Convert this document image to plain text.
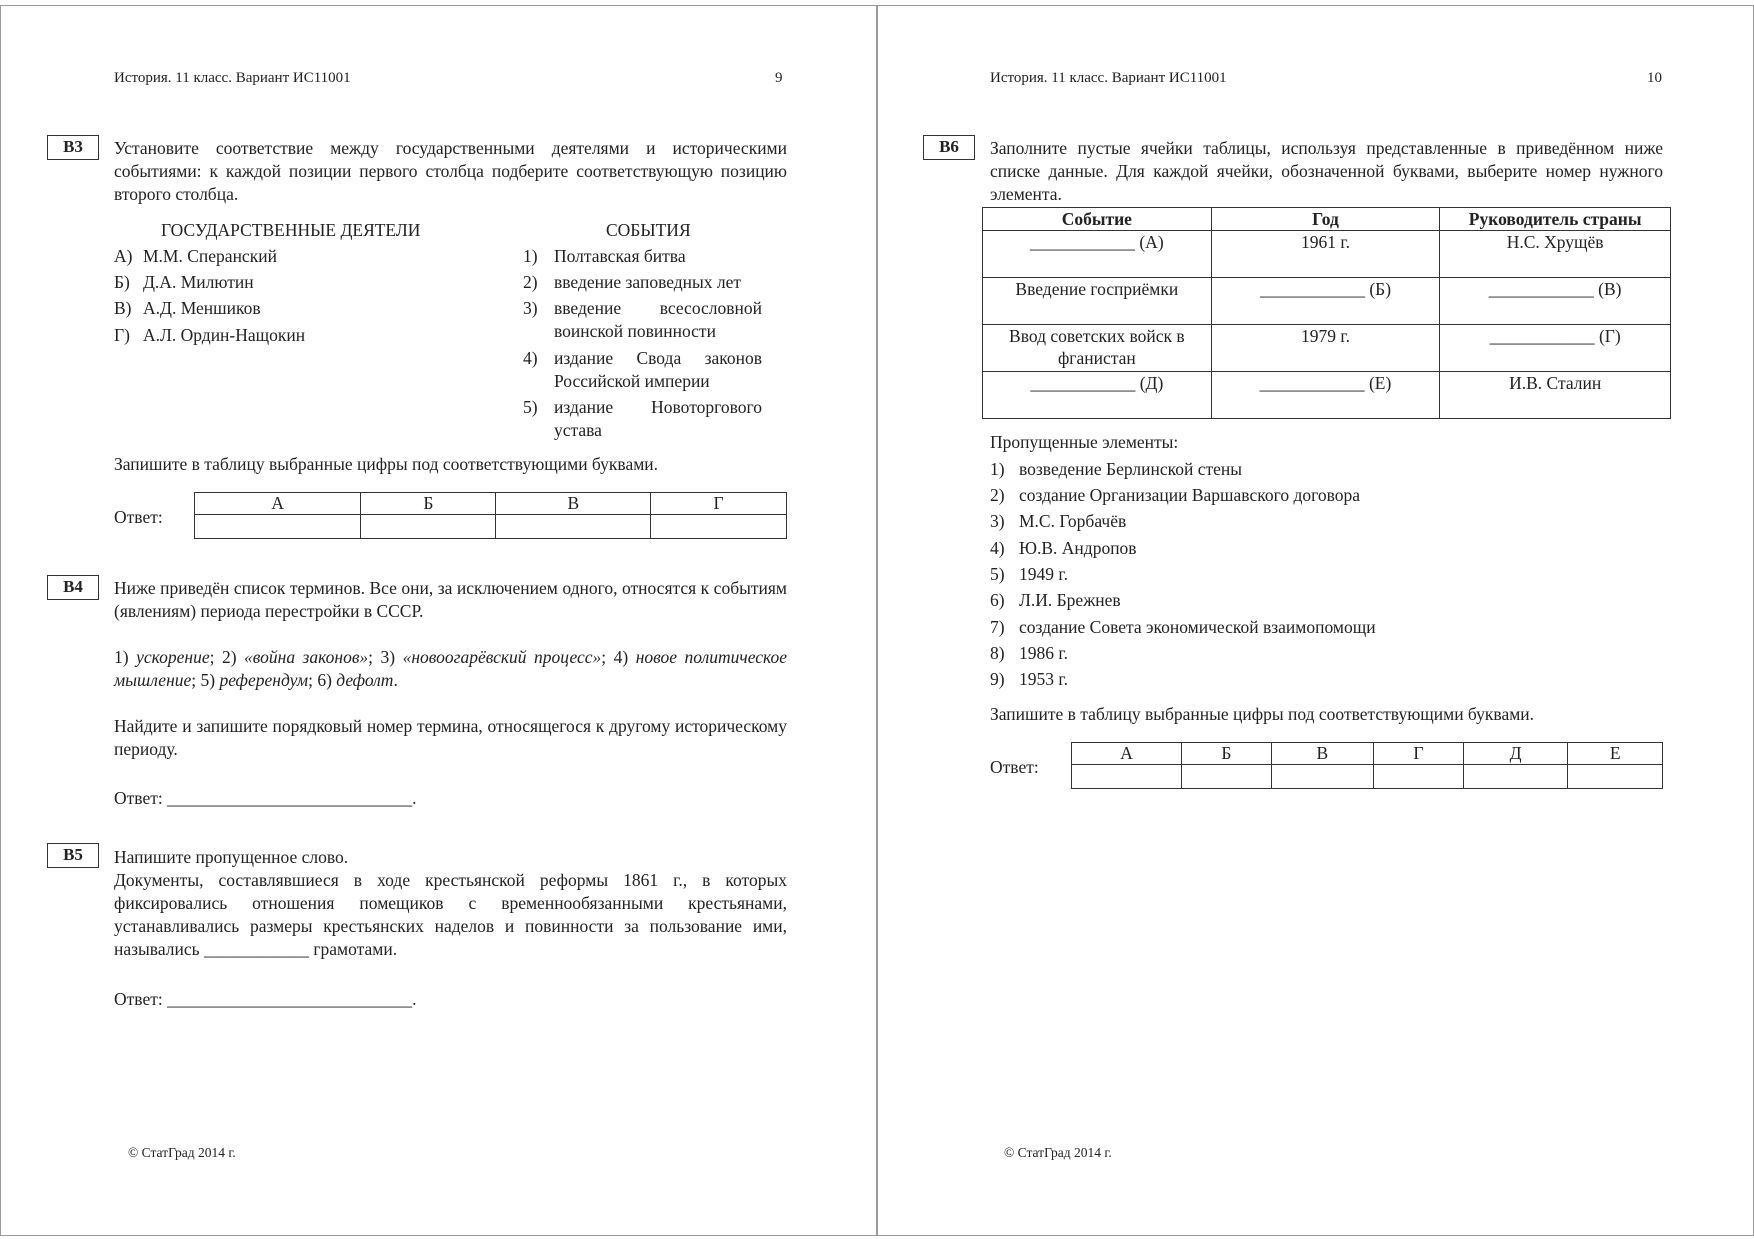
История. 11 класс. Вариант ИС11001	9
В3	Установите соответствие между государственными деятелями и историческими событиями: к каждой позиции первого столбца подберите соответствующую позицию второго столбца.
ГОСУДАРСТВЕННЫЕ ДЕЯТЕЛИ	СОБЫТИЯ
А) М.М. Сперанский
Б) Д.А. Милютин
В) А.Д. Меншиков
Г) А.Л. Ордин-Нащокин
1) Полтавская битва
2) введение заповедных лет
3) введение всесословной
воинской повинности
4) издание Свода законов
Российской империи
5) издание Новоторгового
устава
Запишите в таблицу выбранные цифры под соответствующими буквами.
Ответ:
А	Б	В	Г

В4	Ниже приведён список терминов. Все они, за исключением одного, относятся к событиям (явлениям) периода перестройки в СССР.
1) ускорение; 2) «война законов»; 3) «новоогарёвский процесс»; 4) новое политическое мышление; 5) референдум; 6) дефолт.
Найдите и запишите порядковый номер термина, относящегося к другому историческому периоду.
Ответ: ____________________________.
В5	Напишите пропущенное слово.
Документы, составлявшиеся в ходе крестьянской реформы 1861 г., в которых фиксировались отношения помещиков с временнообязанными крестьянами, устанавливались размеры крестьянских наделов и повинности за пользование ими, назывались ____________ грамотами.
Ответ: ____________________________.
© СтатГрад 2014 г.
История. 11 класс. Вариант ИС11001	10
В6	Заполните пустые ячейки таблицы, используя представленные в приведённом ниже списке данные. Для каждой ячейки, обозначенной буквами, выберите номер нужного элемента.
Событие	Год	Руководитель страны
____________ (А)	1961 г.	Н.С. Хрущёв
Введение госприёмки	____________ (Б)	____________ (В)
Ввод советских войск в фганистан	1979 г.	____________ (Г)
____________ (Д)	____________ (Е)	И.В. Сталин
Пропущенные элементы:
1) возведение Берлинской стены
2) создание Организации Варшавского договора
3) М.С. Горбачёв
4) Ю.В. Андропов
5) 1949 г.
6) Л.И. Брежнев
7) создание Совета экономической взаимопомощи
8) 1986 г.
9) 1953 г.
Запишите в таблицу выбранные цифры под соответствующими буквами.
Ответ:
А	Б	В	Г	Д	Е

© СтатГрад 2014 г.
